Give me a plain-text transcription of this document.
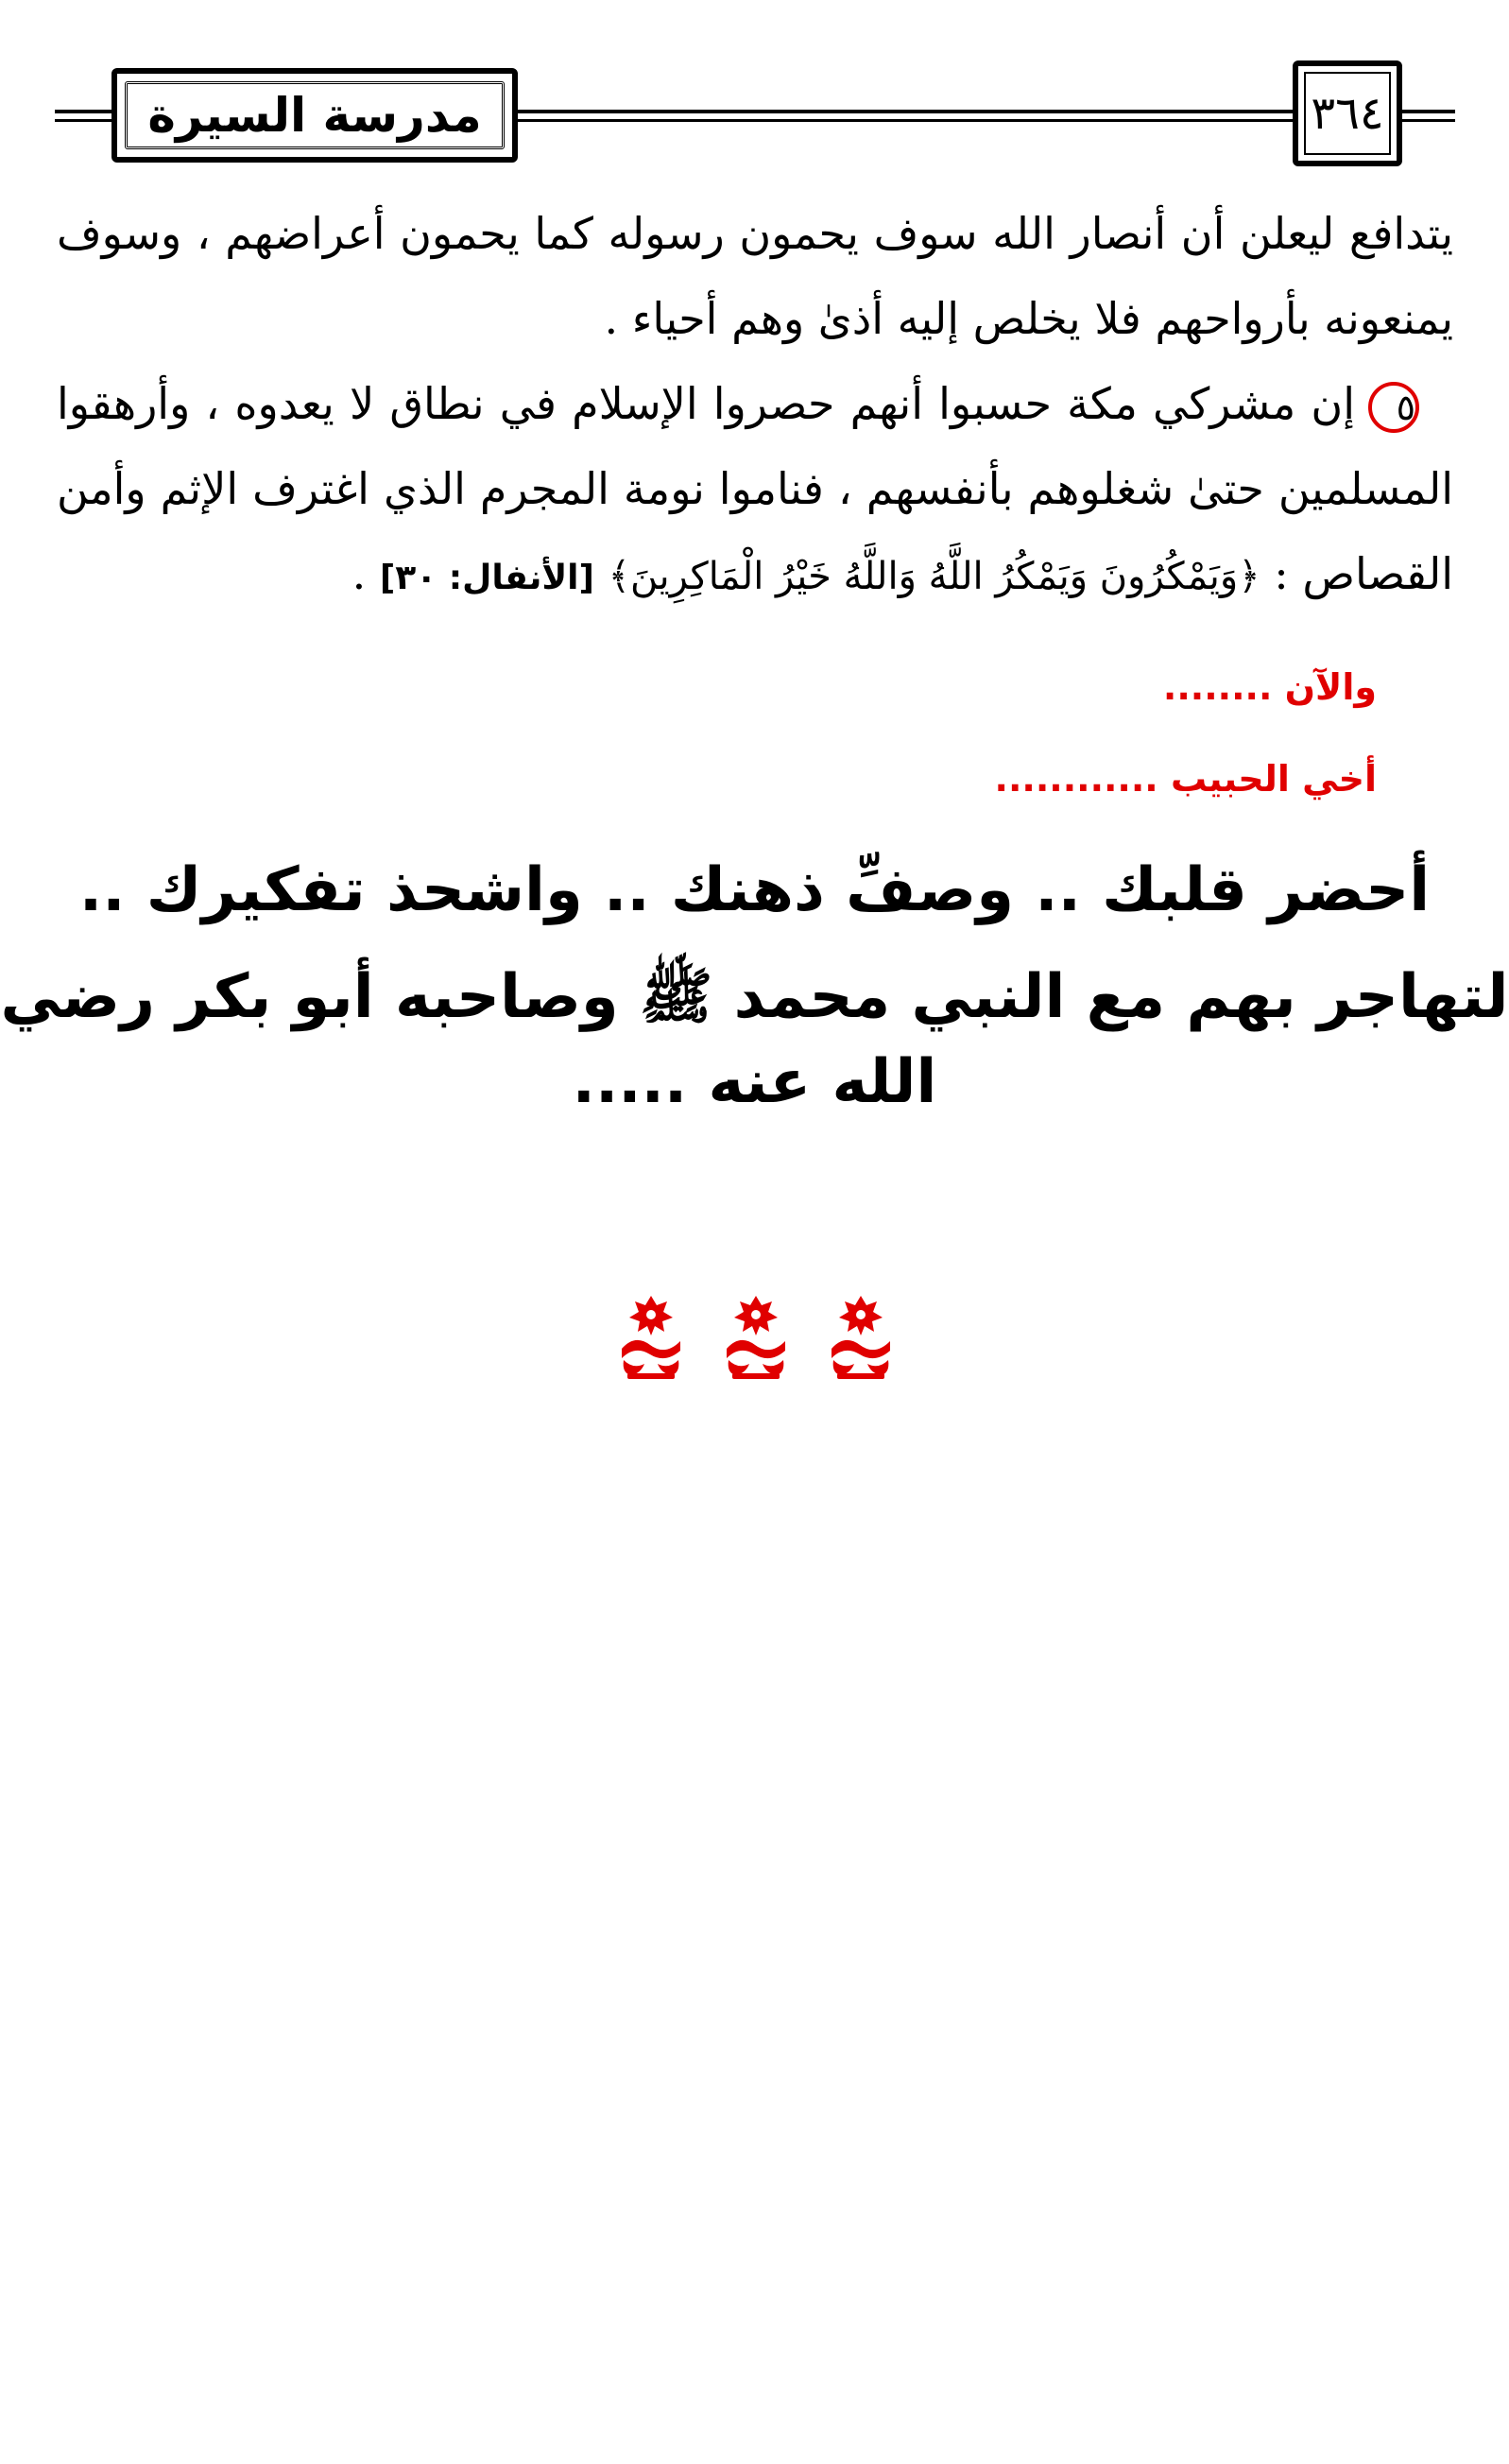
مدرسة السيرة	٣٦٤

يتدافع ليعلن أن أنصار الله سوف يحمون رسوله كما يحمون أعراضهم ، وسوف يمنعونه بأرواحهم فلا يخلص إليه أذىٰ وهم أحياء .

٥إن مشركي مكة حسبوا أنهم حصروا الإسلام في نطاق لا يعدوه ، وأرهقوا المسلمين حتىٰ شغلوهم بأنفسهم ، فناموا نومة المجرم الذي اغترف الإثم وأمن القصاص : ﴿وَيَمْكُرُونَ وَيَمْكُرُ اللَّهُ وَاللَّهُ خَيْرُ الْمَاكِرِينَ﴾ [الأنفال: ٣٠] .

والآن ........
أخي الحبيب ............
أحضر قلبك .. وصفِّ ذهنك .. واشحذ تفكيرك ..
لتهاجر بهم مع النبي محمد ﷺ وصاحبه أبو بكر رضي الله عنه .....
